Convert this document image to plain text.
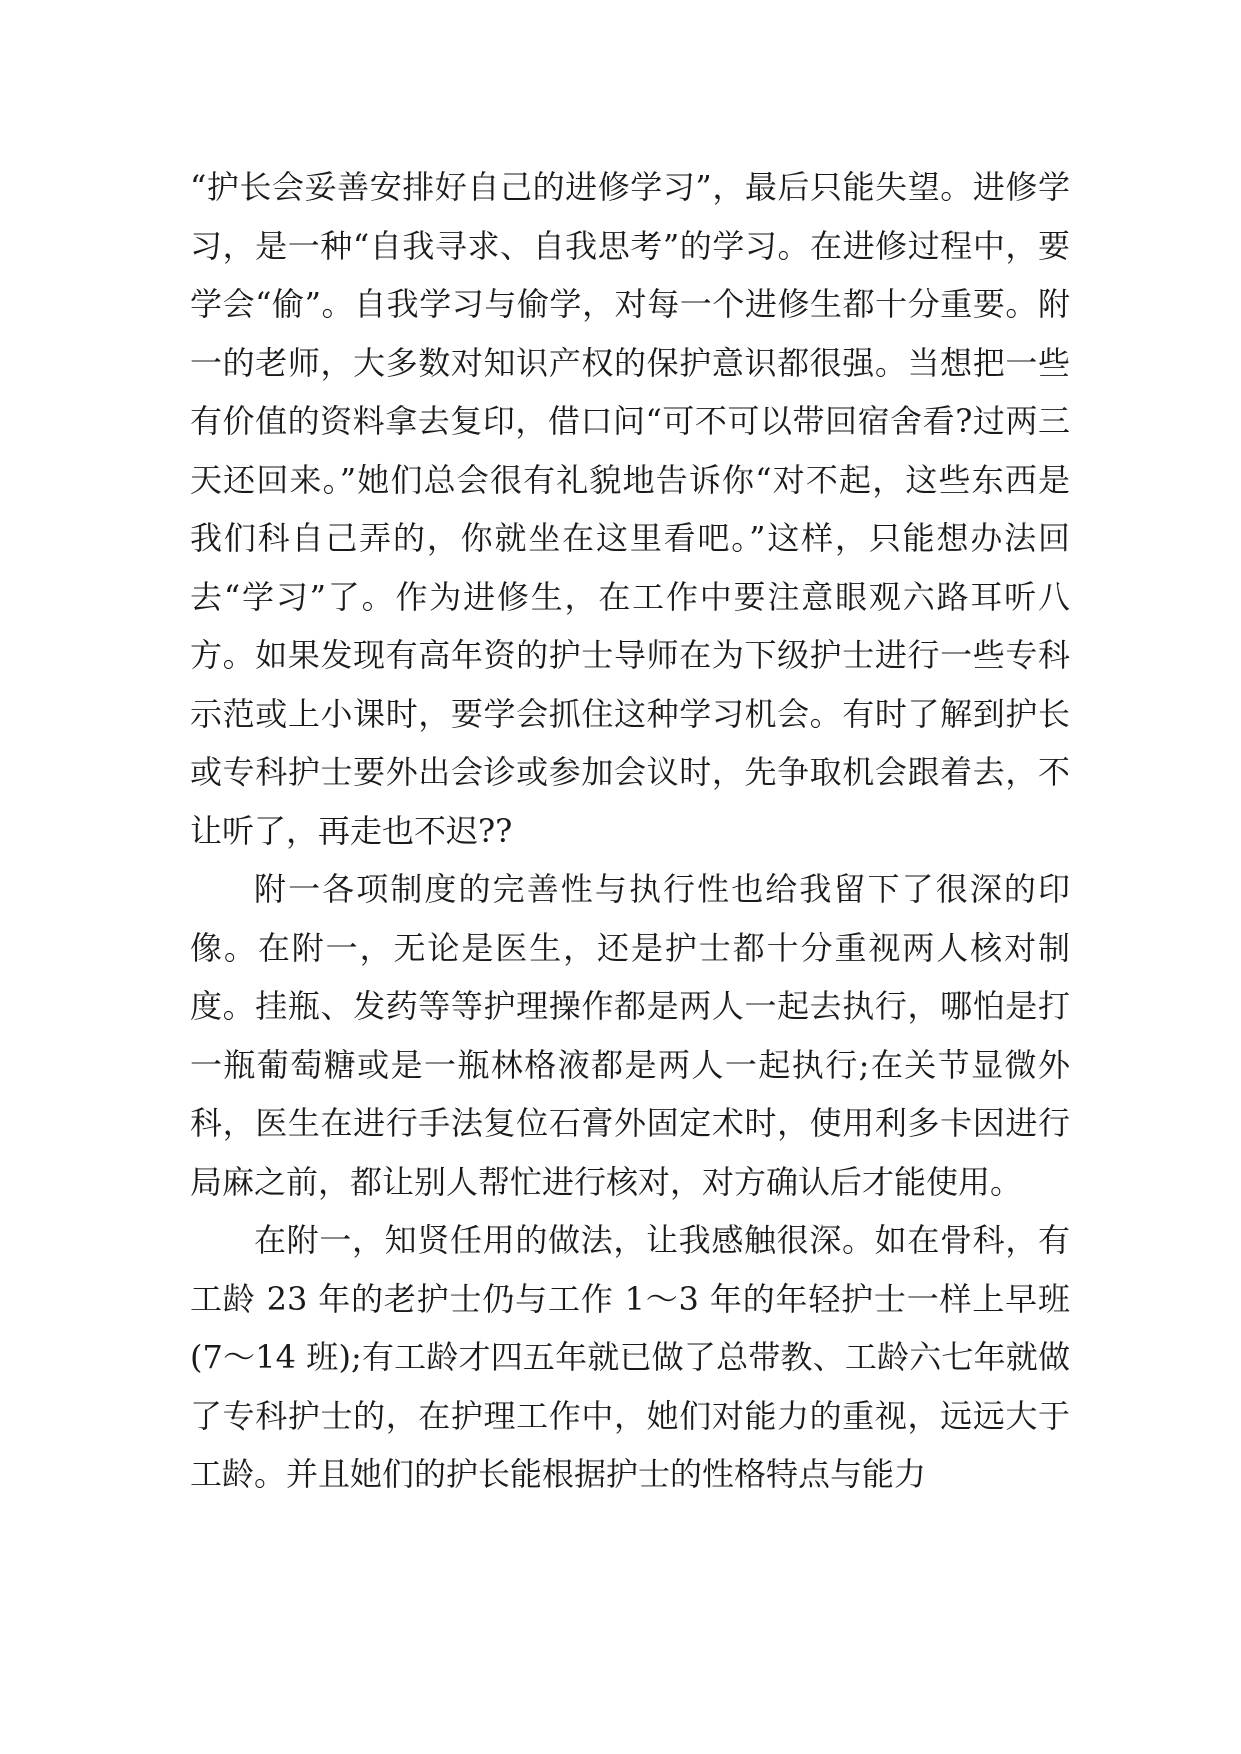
“护长会妥善安排好自己的进修学习”，最后只能失望。进修学习，是一种“自我寻求、自我思考”的学习。在进修过程中，要学会“偷”。自我学习与偷学，对每一个进修生都十分重要。附一的老师，大多数对知识产权的保护意识都很强。当想把一些有价值的资料拿去复印，借口问“可不可以带回宿舍看?过两三天还回来。”她们总会很有礼貌地告诉你“对不起，这些东西是我们科自己弄的，你就坐在这里看吧。”这样，只能想办法回去“学习”了。作为进修生，在工作中要注意眼观六路耳听八方。如果发现有高年资的护士导师在为下级护士进行一些专科示范或上小课时，要学会抓住这种学习机会。有时了解到护长或专科护士要外出会诊或参加会议时，先争取机会跟着去，不让听了，再走也不迟??

附一各项制度的完善性与执行性也给我留下了很深的印像。在附一，无论是医生，还是护士都十分重视两人核对制度。挂瓶、发药等等护理操作都是两人一起去执行，哪怕是打一瓶葡萄糖或是一瓶林格液都是两人一起执行;在关节显微外科，医生在进行手法复位石膏外固定术时，使用利多卡因进行局麻之前，都让别人帮忙进行核对，对方确认后才能使用。

在附一，知贤任用的做法，让我感触很深。如在骨科，有工龄 23 年的老护士仍与工作 1～3 年的年轻护士一样上早班(7～14 班);有工龄才四五年就已做了总带教、工龄六七年就做了专科护士的，在护理工作中，她们对能力的重视，远远大于工龄。并且她们的护长能根据护士的性格特点与能力
